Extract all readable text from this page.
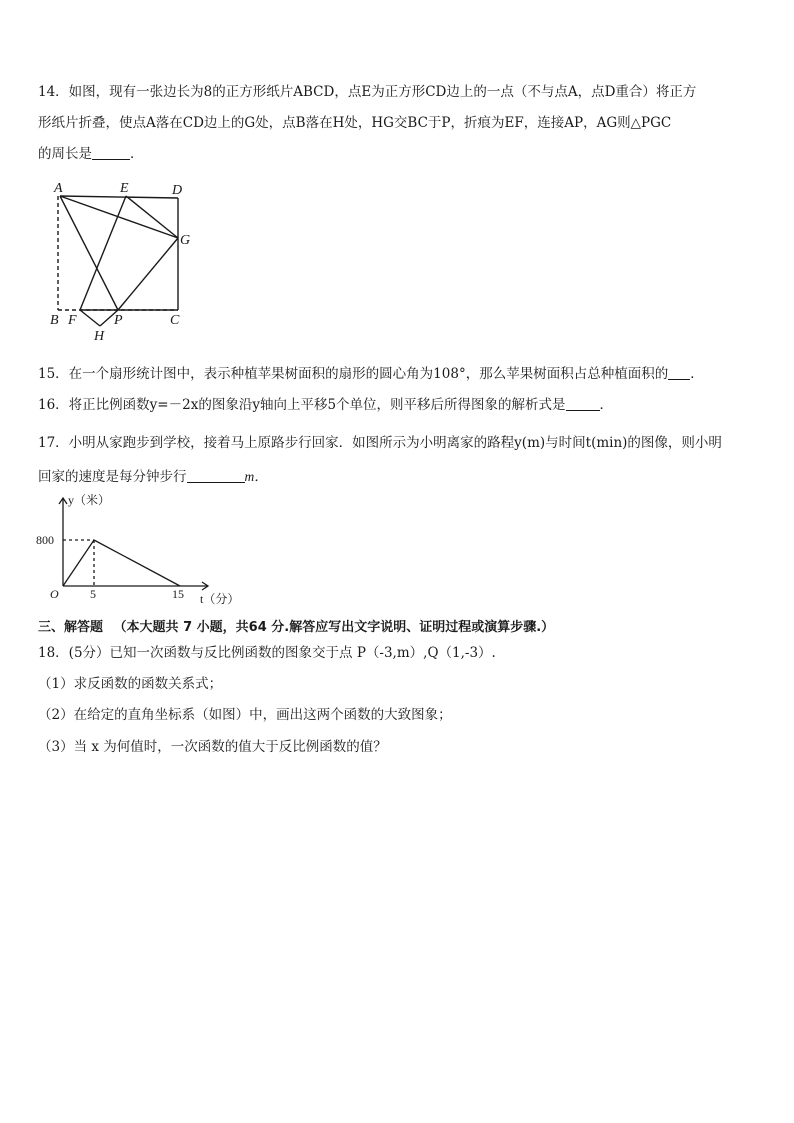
14．如图，现有一张边长为8的正方形纸片ABCD，点E为正方形CD边上的一点（不与点A，点D重合）将正方
形纸片折叠，使点A落在CD边上的G处，点B落在H处，HG交BC于P，折痕为EF，连接AP，AG则△PGC
的周长是	．
A	E	D
G
B F	P	C
H
15．在一个扇形统计图中，表示种植苹果树面积的扇形的圆心角为108°，那么苹果树面积占总种植面积的 ．
16．将正比例函数y=－2x的图象沿y轴向上平移5个单位，则平移后所得图象的解析式是	．
17．小明从家跑步到学校，接着马上原路步行回家．如图所示为小明离家的路程y(m)与时间t(min)的图像，则小明
回家的速度是每分钟步行	m．
y（米）
t（分）
O
800
5	15
三、解答题 （本大题共 7 小题，共64 分.解答应写出文字说明、证明过程或演算步骤.）
18．(5分）已知一次函数与反比例函数的图象交于点 P（-3,m）,Q（1,-3）.
（1）求反函数的函数关系式；
（2）在给定的直角坐标系（如图）中，画出这两个函数的大致图象；
（3）当 x 为何值时，一次函数的值大于反比例函数的值？
